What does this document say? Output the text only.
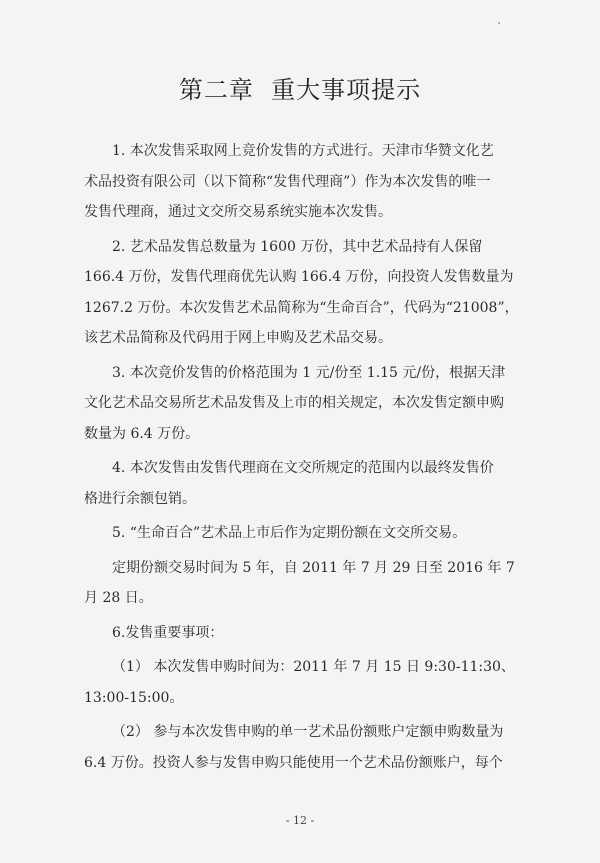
第二章  重大事项提示

1. 本次发售采取网上竞价发售的方式进行。天津市华赞文化艺
术品投资有限公司（以下简称“发售代理商”）作为本次发售的唯一
发售代理商，通过文交所交易系统实施本次发售。

2. 艺术品发售总数量为 1600 万份，其中艺术品持有人保留
166.4 万份，发售代理商优先认购 166.4 万份，向投资人发售数量为
1267.2 万份。本次发售艺术品简称为“生命百合”，代码为“21008”，
该艺术品简称及代码用于网上申购及艺术品交易。

3. 本次竞价发售的价格范围为 1 元/份至 1.15 元/份，根据天津
文化艺术品交易所艺术品发售及上市的相关规定，本次发售定额申购
数量为 6.4 万份。

4. 本次发售由发售代理商在文交所规定的范围内以最终发售价
格进行余额包销。

5. “生命百合”艺术品上市后作为定期份额在文交所交易。

定期份额交易时间为 5 年，自 2011 年 7 月 29 日至 2016 年 7
月 28 日。

6.发售重要事项：

（1） 本次发售申购时间为：2011 年 7 月 15 日 9:30-11:30、
13:00-15:00。

（2） 参与本次发售申购的单一艺术品份额账户定额申购数量为
6.4 万份。投资人参与发售申购只能使用一个艺术品份额账户，每个

- 12 -
